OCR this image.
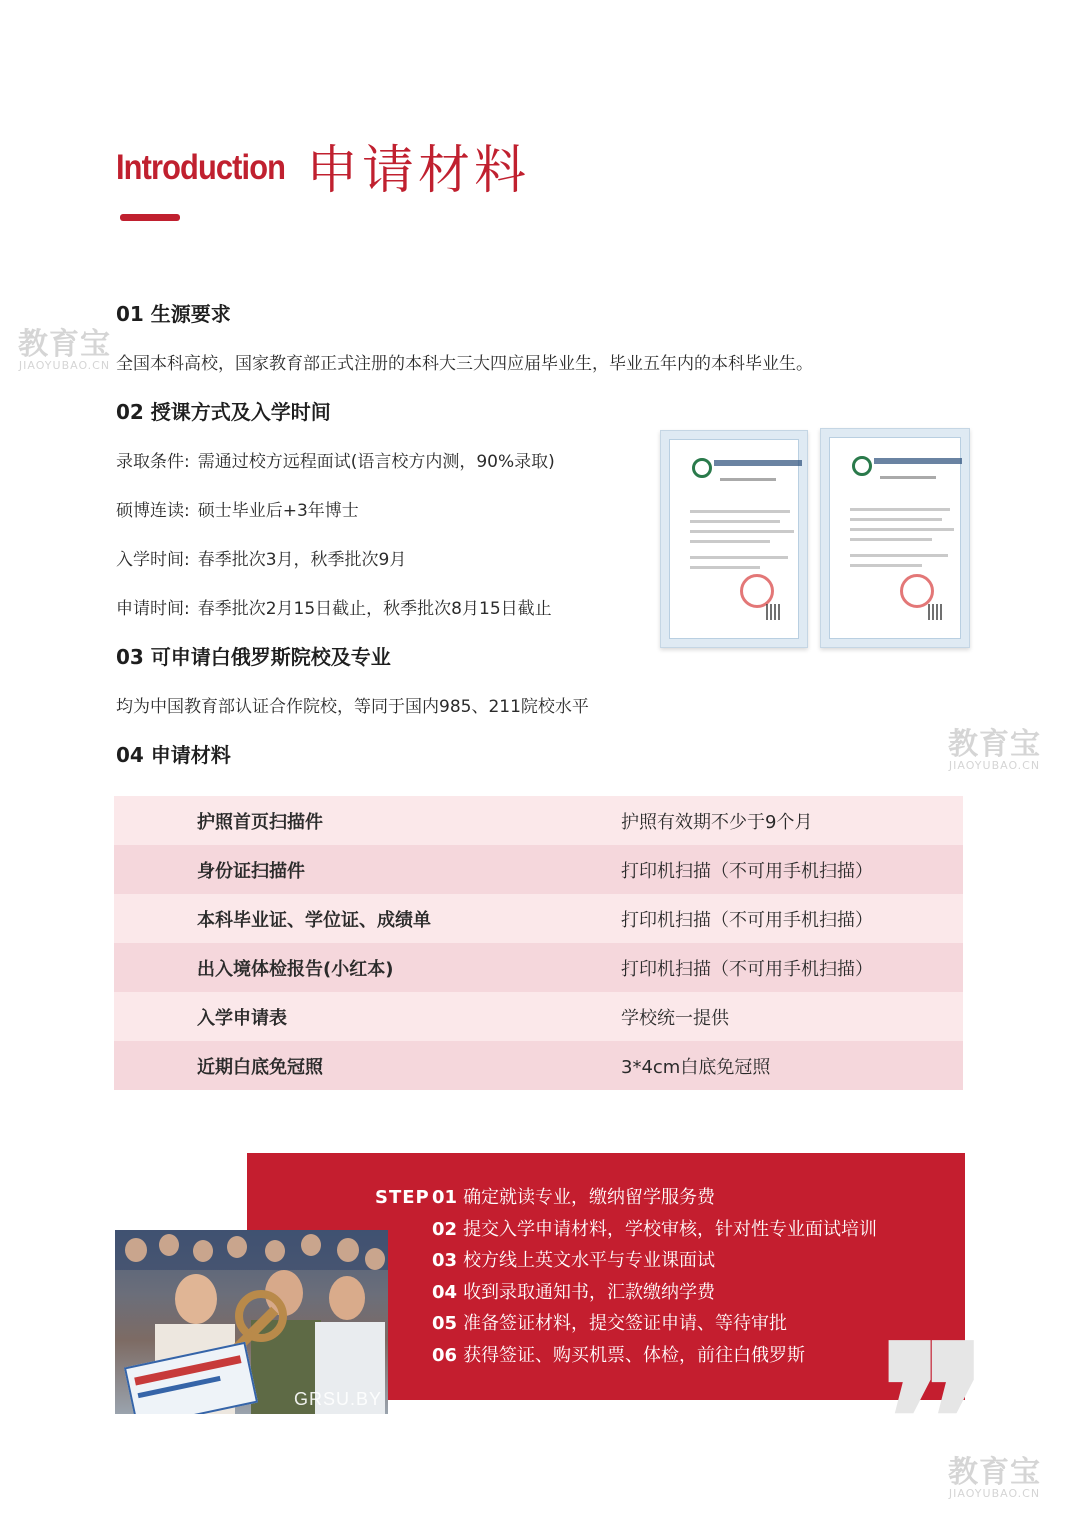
Introduction 申请材料
教育宝
JIAOYUBAO.CN
教育宝
JIAOYUBAO.CN
教育宝
JIAOYUBAO.CN
01 生源要求
全国本科高校，国家教育部正式注册的本科大三大四应届毕业生，毕业五年内的本科毕业生。
02 授课方式及入学时间
录取条件: 需通过校方远程面试(语言校方内测，90%录取)
硕博连读: 硕士毕业后+3年博士
入学时间: 春季批次3月，秋季批次9月
申请时间: 春季批次2月15日截止，秋季批次8月15日截止
03 可申请白俄罗斯院校及专业
均为中国教育部认证合作院校，等同于国内985、211院校水平
04 申请材料
护照首页扫描件	护照有效期不少于9个月
身份证扫描件	打印机扫描（不可用手机扫描）
本科毕业证、学位证、成绩单	打印机扫描（不可用手机扫描）
出入境体检报告(小红本)	打印机扫描（不可用手机扫描）
入学申请表	学校统一提供
近期白底免冠照	3*4cm白底免冠照
❞
STEP 01 确定就读专业，缴纳留学服务费
02 提交入学申请材料，学校审核，针对性专业面试培训
03 校方线上英文水平与专业课面试
04 收到录取通知书，汇款缴纳学费
05 准备签证材料，提交签证申请、等待审批
06 获得签证、购买机票、体检，前往白俄罗斯
GRSU.BY
